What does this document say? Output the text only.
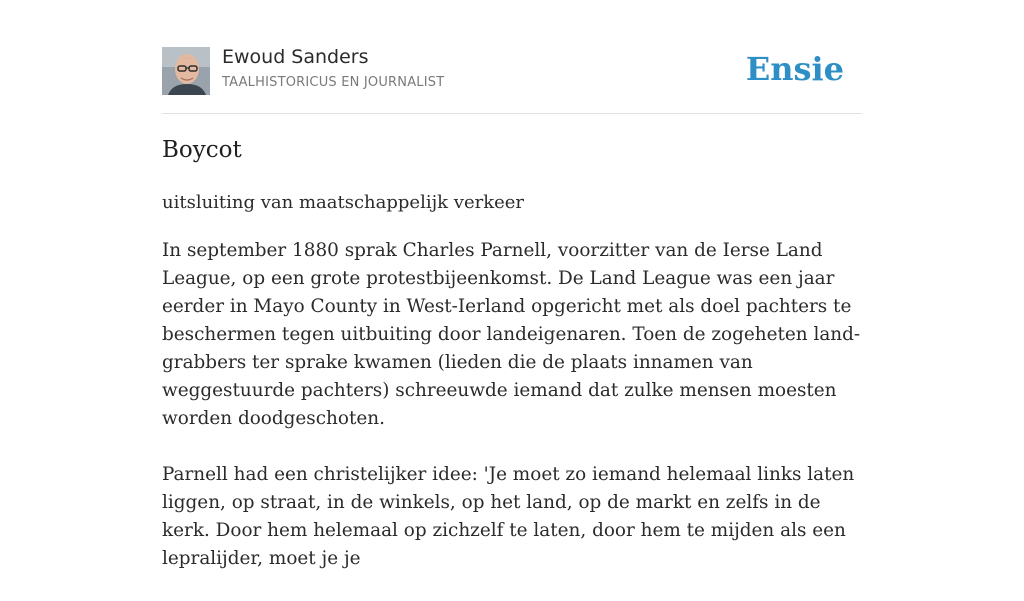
Ewoud Sanders
TAALHISTORICUS EN JOURNALIST	Ensie
Boycot

uitsluiting van maatschappelijk verkeer

In september 1880 sprak Charles Parnell, voorzitter van de Ierse Land League, op een grote protestbijeenkomst. De Land League was een jaar eerder in Mayo County in West-Ierland opgericht met als doel pachters te beschermen tegen uitbuiting door landeigenaren. Toen de zogeheten land-grabbers ter sprake kwamen (lieden die de plaats innamen van weggestuurde pachters) schreeuwde iemand dat zulke mensen moesten worden doodgeschoten.

Parnell had een christelijker idee: 'Je moet zo iemand helemaal links laten liggen, op straat, in de winkels, op het land, op de markt en zelfs in de kerk. Door hem helemaal op zichzelf te laten, door hem te mijden als een lepralijder, moet je je
